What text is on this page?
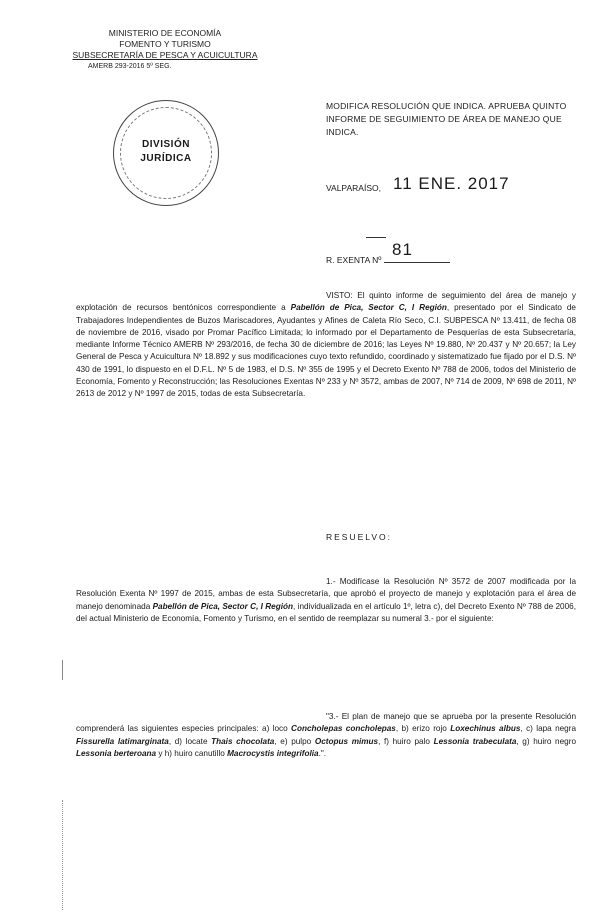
MINISTERIO DE ECONOMÍA
FOMENTO Y TURISMO
SUBSECRETARÍA DE PESCA Y ACUICULTURA
AMERB 293-2016 5º SEG.
DIVISIÓN
JURÍDICA
MODIFICA RESOLUCIÓN QUE INDICA. APRUEBA QUINTO INFORME DE SEGUIMIENTO DE ÁREA DE MANEJO QUE INDICA.
VALPARAÍSO, 11 ENE. 2017
81
R. EXENTA Nº
VISTO: El quinto informe de seguimiento del área de manejo y explotación de recursos bentónicos correspondiente a Pabellón de Pica, Sector C, I Región, presentado por el Sindicato de Trabajadores Independientes de Buzos Mariscadores, Ayudantes y Afines de Caleta Río Seco, C.I. SUBPESCA Nº 13.411, de fecha 08 de noviembre de 2016, visado por Promar Pacífico Limitada; lo informado por el Departamento de Pesquerías de esta Subsecretaría, mediante Informe Técnico AMERB Nº 293/2016, de fecha 30 de diciembre de 2016; las Leyes Nº 19.880, Nº 20.437 y Nº 20.657; la Ley General de Pesca y Acuicultura Nº 18.892 y sus modificaciones cuyo texto refundido, coordinado y sistematizado fue fijado por el D.S. Nº 430 de 1991, lo dispuesto en el D.F.L. Nº 5 de 1983, el D.S. Nº 355 de 1995 y el Decreto Exento Nº 788 de 2006, todos del Ministerio de Economía, Fomento y Reconstrucción; las Resoluciones Exentas Nº 233 y Nº 3572, ambas de 2007, Nº 714 de 2009, Nº 698 de 2011, Nº 2613 de 2012 y Nº 1997 de 2015, todas de esta Subsecretaría.
RESUELVO:
1.- Modifícase la Resolución Nº 3572 de 2007 modificada por la Resolución Exenta Nº 1997 de 2015, ambas de esta Subsecretaría, que aprobó el proyecto de manejo y explotación para el área de manejo denominada Pabellón de Pica, Sector C, I Región, individualizada en el artículo 1º, letra c), del Decreto Exento Nº 788 de 2006, del actual Ministerio de Economía, Fomento y Turismo, en el sentido de reemplazar su numeral 3.- por el siguiente:
"3.- El plan de manejo que se aprueba por la presente Resolución comprenderá las siguientes especies principales: a) loco Concholepas concholepas, b) erizo rojo Loxechinus albus, c) lapa negra Fissurella latimarginata, d) locate Thais chocolata, e) pulpo Octopus mimus, f) huiro palo Lessonia trabeculata, g) huiro negro Lessonia berteroana y h) huiro canutillo Macrocystis integrifolia.".
